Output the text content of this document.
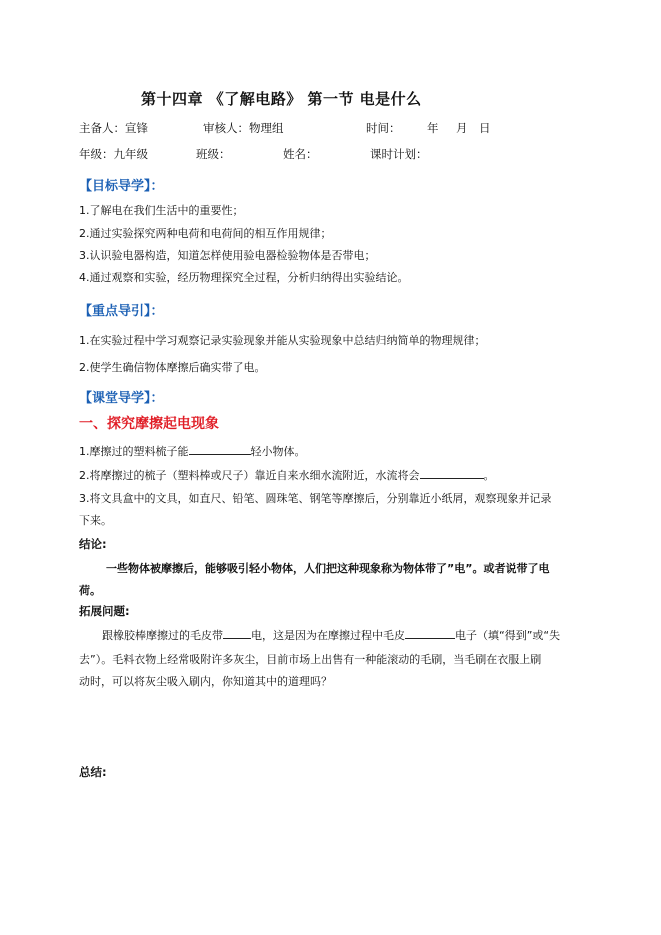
第十四章 《了解电路》 第一节 电是什么
主备人：宣锋	审核人：物理组	时间： 年 月 日
年级：九年级	班级：	姓名：	课时计划：
【目标导学】：
1.了解电在我们生活中的重要性；
2.通过实验探究两种电荷和电荷间的相互作用规律；
3.认识验电器构造，知道怎样使用验电器检验物体是否带电；
4.通过观察和实验，经历物理探究全过程，分析归纳得出实验结论。
【重点导引】：
1.在实验过程中学习观察记录实验现象并能从实验现象中总结归纳简单的物理规律；
2.使学生确信物体摩擦后确实带了电。
【课堂导学】：
一、探究摩擦起电现象
1.摩擦过的塑料梳子能	轻小物体。
2.将摩擦过的梳子（塑料棒或尺子）靠近自来水细水流附近，水流将会	。
3.将文具盒中的文具，如直尺、铅笔、圆珠笔、钢笔等摩擦后，分别靠近小纸屑，观察现象并记录
下来。
结论:
一些物体被摩擦后，能够吸引轻小物体，人们把这种现象称为物体带了”电”。或者说带了电
荷。
拓展问题:
跟橡胶棒摩擦过的毛皮带	电，这是因为在摩擦过程中毛皮	电子（填“得到”或“失
去”）。毛料衣物上经常吸附许多灰尘，目前市场上出售有一种能滚动的毛刷，当毛刷在衣服上刷
动时，可以将灰尘吸入刷内，你知道其中的道理吗？
总结:
